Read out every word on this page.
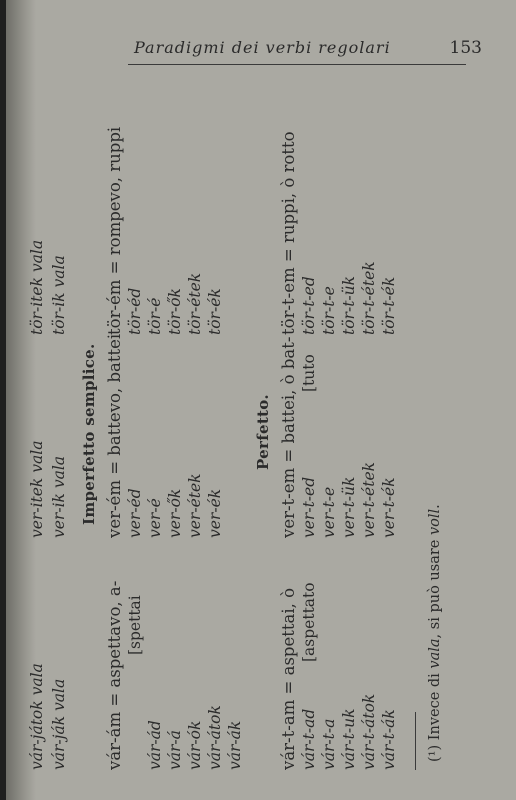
Paradigmi dei verbi regolari	153
vár-játok vala vár-ják vala
ver-itek vala ver-ik vala
tör-itek vala tör-ik vala
Imperfetto semplice.
vár-ám = aspettavo, a- [spettai
vár-ád vár-á vár-ók vár-átok vár-ák
ver-ém = battevo, battei ver-éd ver-é ver-ők ver-étek ver-ék
tör-ém = rompevo, ruppi tör-éd tör-é tör-ők tör-étek tör-ék
Perfetto.
vár-t-am = aspettai, ò [aspettato
vár-t-ad vár-t-a vár-t-uk vár-t-átok vár-t-ák
ver-t-em = battei, ò bat- [tuto
ver-t-ed ver-t-e ver-t-ük ver-t-étek ver-t-ék
tör-t-em = ruppi, ò rotto tör-t-ed tör-t-e tör-t-ük tör-t-étek tör-t-ék
(¹) Invece di vala, si può usare voll.
